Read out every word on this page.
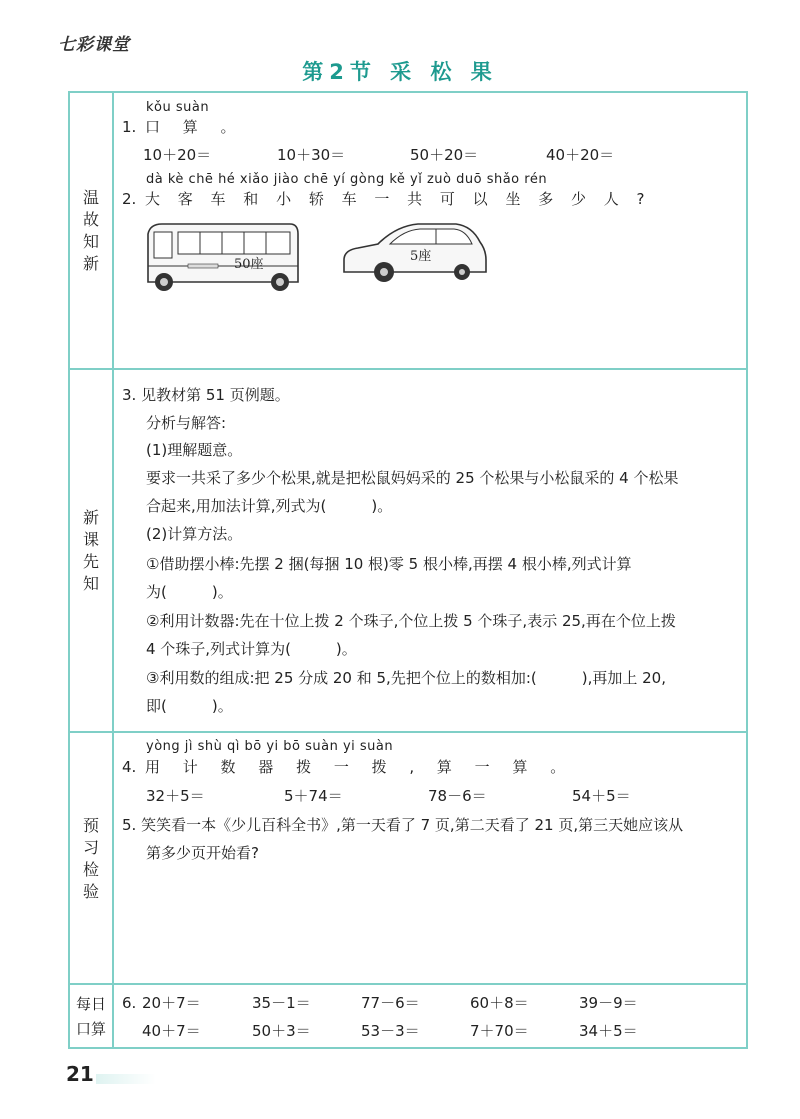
七彩课堂
第2节 采 松 果
温
故
知
新
新
课
先
知
预
习
检
验
每日
口算
kǒu suàn
1. 口 算 。
10＋20＝	10＋30＝	50＋20＝	40＋20＝
dà kè chē hé xiǎo jiào chē yí gòng kě yǐ zuò duō shǎo rén
2. 大 客 车 和 小 轿 车 一 共 可 以 坐 多 少 人 ?
50座
5座
3. 见教材第 51 页例题。
分析与解答:
(1)理解题意。
要求一共采了多少个松果,就是把松鼠妈妈采的 25 个松果与小松鼠采的 4 个松果
合起来,用加法计算,列式为(　　　)。
(2)计算方法。
①借助摆小棒:先摆 2 捆(每捆 10 根)零 5 根小棒,再摆 4 根小棒,列式计算
为(　　　)。
②利用计数器:先在十位上拨 2 个珠子,个位上拨 5 个珠子,表示 25,再在个位上拨
4 个珠子,列式计算为(　　　)。
③利用数的组成:把 25 分成 20 和 5,先把个位上的数相加:(　　　),再加上 20,
即(　　　)。
yòng jì shù qì bō yi bō suàn yi suàn
4. 用 计 数 器 拨 一 拨 , 算 一 算 。
32＋5＝	5＋74＝	78－6＝	54＋5＝
5. 笑笑看一本《少儿百科全书》,第一天看了 7 页,第二天看了 21 页,第三天她应该从
第多少页开始看?
6. 20＋7＝	35－1＝	77－6＝	60＋8＝	39－9＝
40＋7＝	50＋3＝	53－3＝	7＋70＝	34＋5＝
21
